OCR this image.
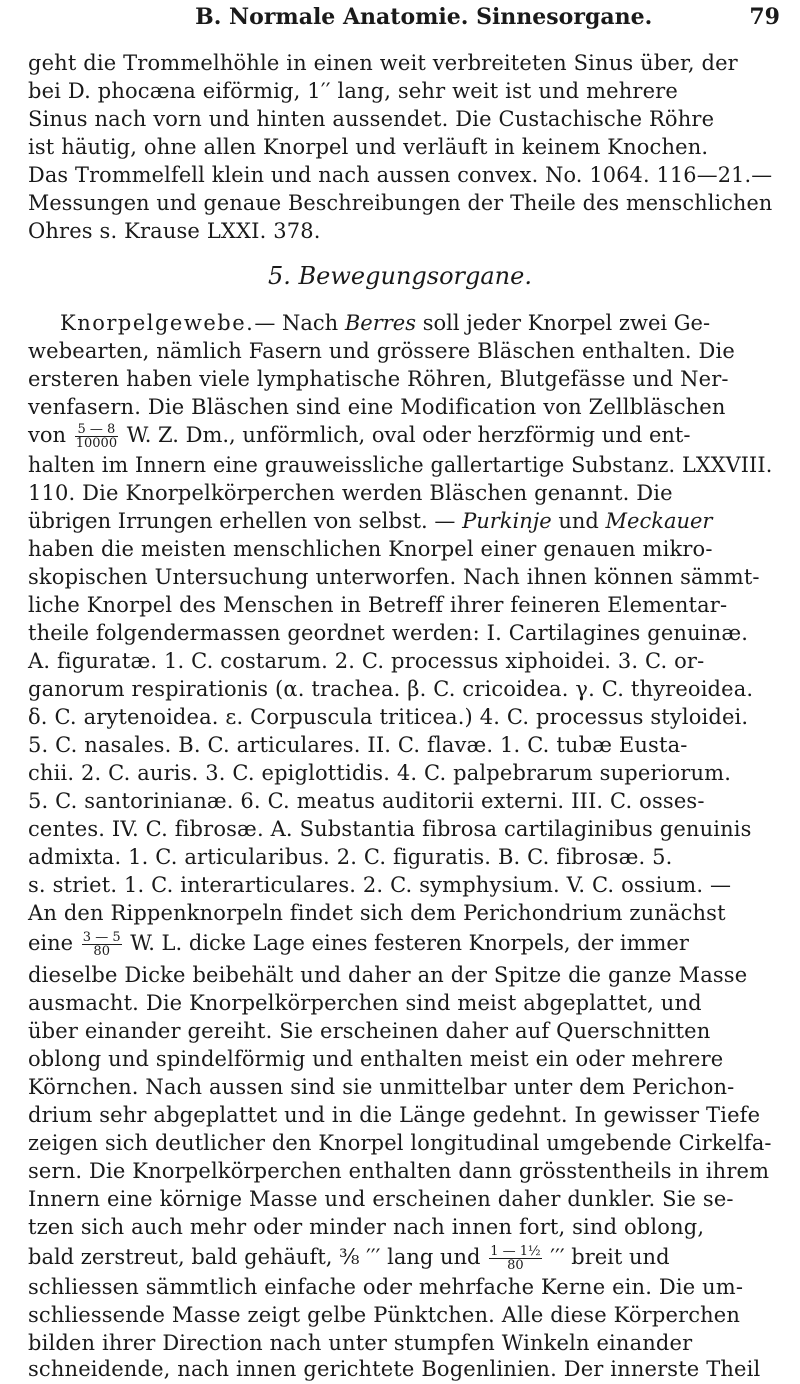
B. Normale Anatomie. Sinnesorgane.	79
geht die Trommelhöhle in einen weit verbreiteten Sinus über, der
bei D. phocæna eiförmig, 1′′ lang, sehr weit ist und mehrere
Sinus nach vorn und hinten aussendet. Die Custachische Röhre
ist häutig, ohne allen Knorpel und verläuft in keinem Knochen.
Das Trommelfell klein und nach aussen convex. No. 1064. 116—21.—
Messungen und genaue Beschreibungen der Theile des menschlichen
Ohres s. Krause LXXI. 378.
5. Bewegungsorgane.
Knorpelgewebe.— Nach Berres soll jeder Knorpel zwei Ge-
webearten, nämlich Fasern und grössere Bläschen enthalten. Die
ersteren haben viele lymphatische Röhren, Blutgefässe und Ner-
venfasern. Die Bläschen sind eine Modification von Zellbläschen
von $\frac{5 — 8}{10000} W$. Z. Dm., unförmlich, oval oder herzförmig und ent-
halten im Innern eine grauweissliche gallertartige Substanz. LXXVIII.
110. Die Knorpelkörperchen werden Bläschen genannt. Die
übrigen Irrungen erhellen von selbst. — Purkinje und Meckauer
haben die meisten menschlichen Knorpel einer genauen mikro-
skopischen Untersuchung unterworfen. Nach ihnen können sämmt-
liche Knorpel des Menschen in Betreff ihrer feineren Elementar-
theile folgendermassen geordnet werden: I. Cartilagines genuinæ.
A. figuratæ. 1. C. costarum. 2. C. processus xiphoidei. 3. C. or-
ganorum respirationis (α. trachea. β. C. cricoidea. γ. C. thyreoidea.
δ. C. arytenoidea. ε. Corpuscula triticea.) 4. C. processus styloidei.
5. C. nasales. B. C. articulares. II. C. flavæ. 1. C. tubæ Eusta-
chii. 2. C. auris. 3. C. epiglottidis. 4. C. palpebrarum superiorum.
5. C. santorinianæ. 6. C. meatus auditorii externi. III. C. osses-
centes. IV. C. fibrosæ. A. Substantia fibrosa cartilaginibus genuinis
admixta. 1. C. articularibus. 2. C. figuratis. B. C. fibrosæ. 5.
s. striet. 1. C. interarticulares. 2. C. symphysium. V. C. ossium. —
An den Rippenknorpeln findet sich dem Perichondrium zunächst
eine $\frac{3 — 5}{80} W$. L. dicke Lage eines festeren Knorpels, der immer
dieselbe Dicke beibehält und daher an der Spitze die ganze Masse
ausmacht. Die Knorpelkörperchen sind meist abgeplattet, und
über einander gereiht. Sie erscheinen daher auf Querschnitten
oblong und spindelförmig und enthalten meist ein oder mehrere
Körnchen. Nach aussen sind sie unmittelbar unter dem Perichon-
drium sehr abgeplattet und in die Länge gedehnt. In gewisser Tiefe
zeigen sich deutlicher den Knorpel longitudinal umgebende Cirkelfa-
sern. Die Knorpelkörperchen enthalten dann grösstentheils in ihrem
Innern eine körnige Masse und erscheinen daher dunkler. Sie se-
tzen sich auch mehr oder minder nach innen fort, sind oblong,
bald zerstreut, bald gehäuft, ³⁄₈ ′′′ lang und $\frac{\text{1 — 1½}}{80}$ ′′′ breit und
schliessen sämmtlich einfache oder mehrfache Kerne ein. Die um-
schliessende Masse zeigt gelbe Pünktchen. Alle diese Körperchen
bilden ihrer Direction nach unter stumpfen Winkeln einander
schneidende, nach innen gerichtete Bogenlinien. Der innerste Theil
